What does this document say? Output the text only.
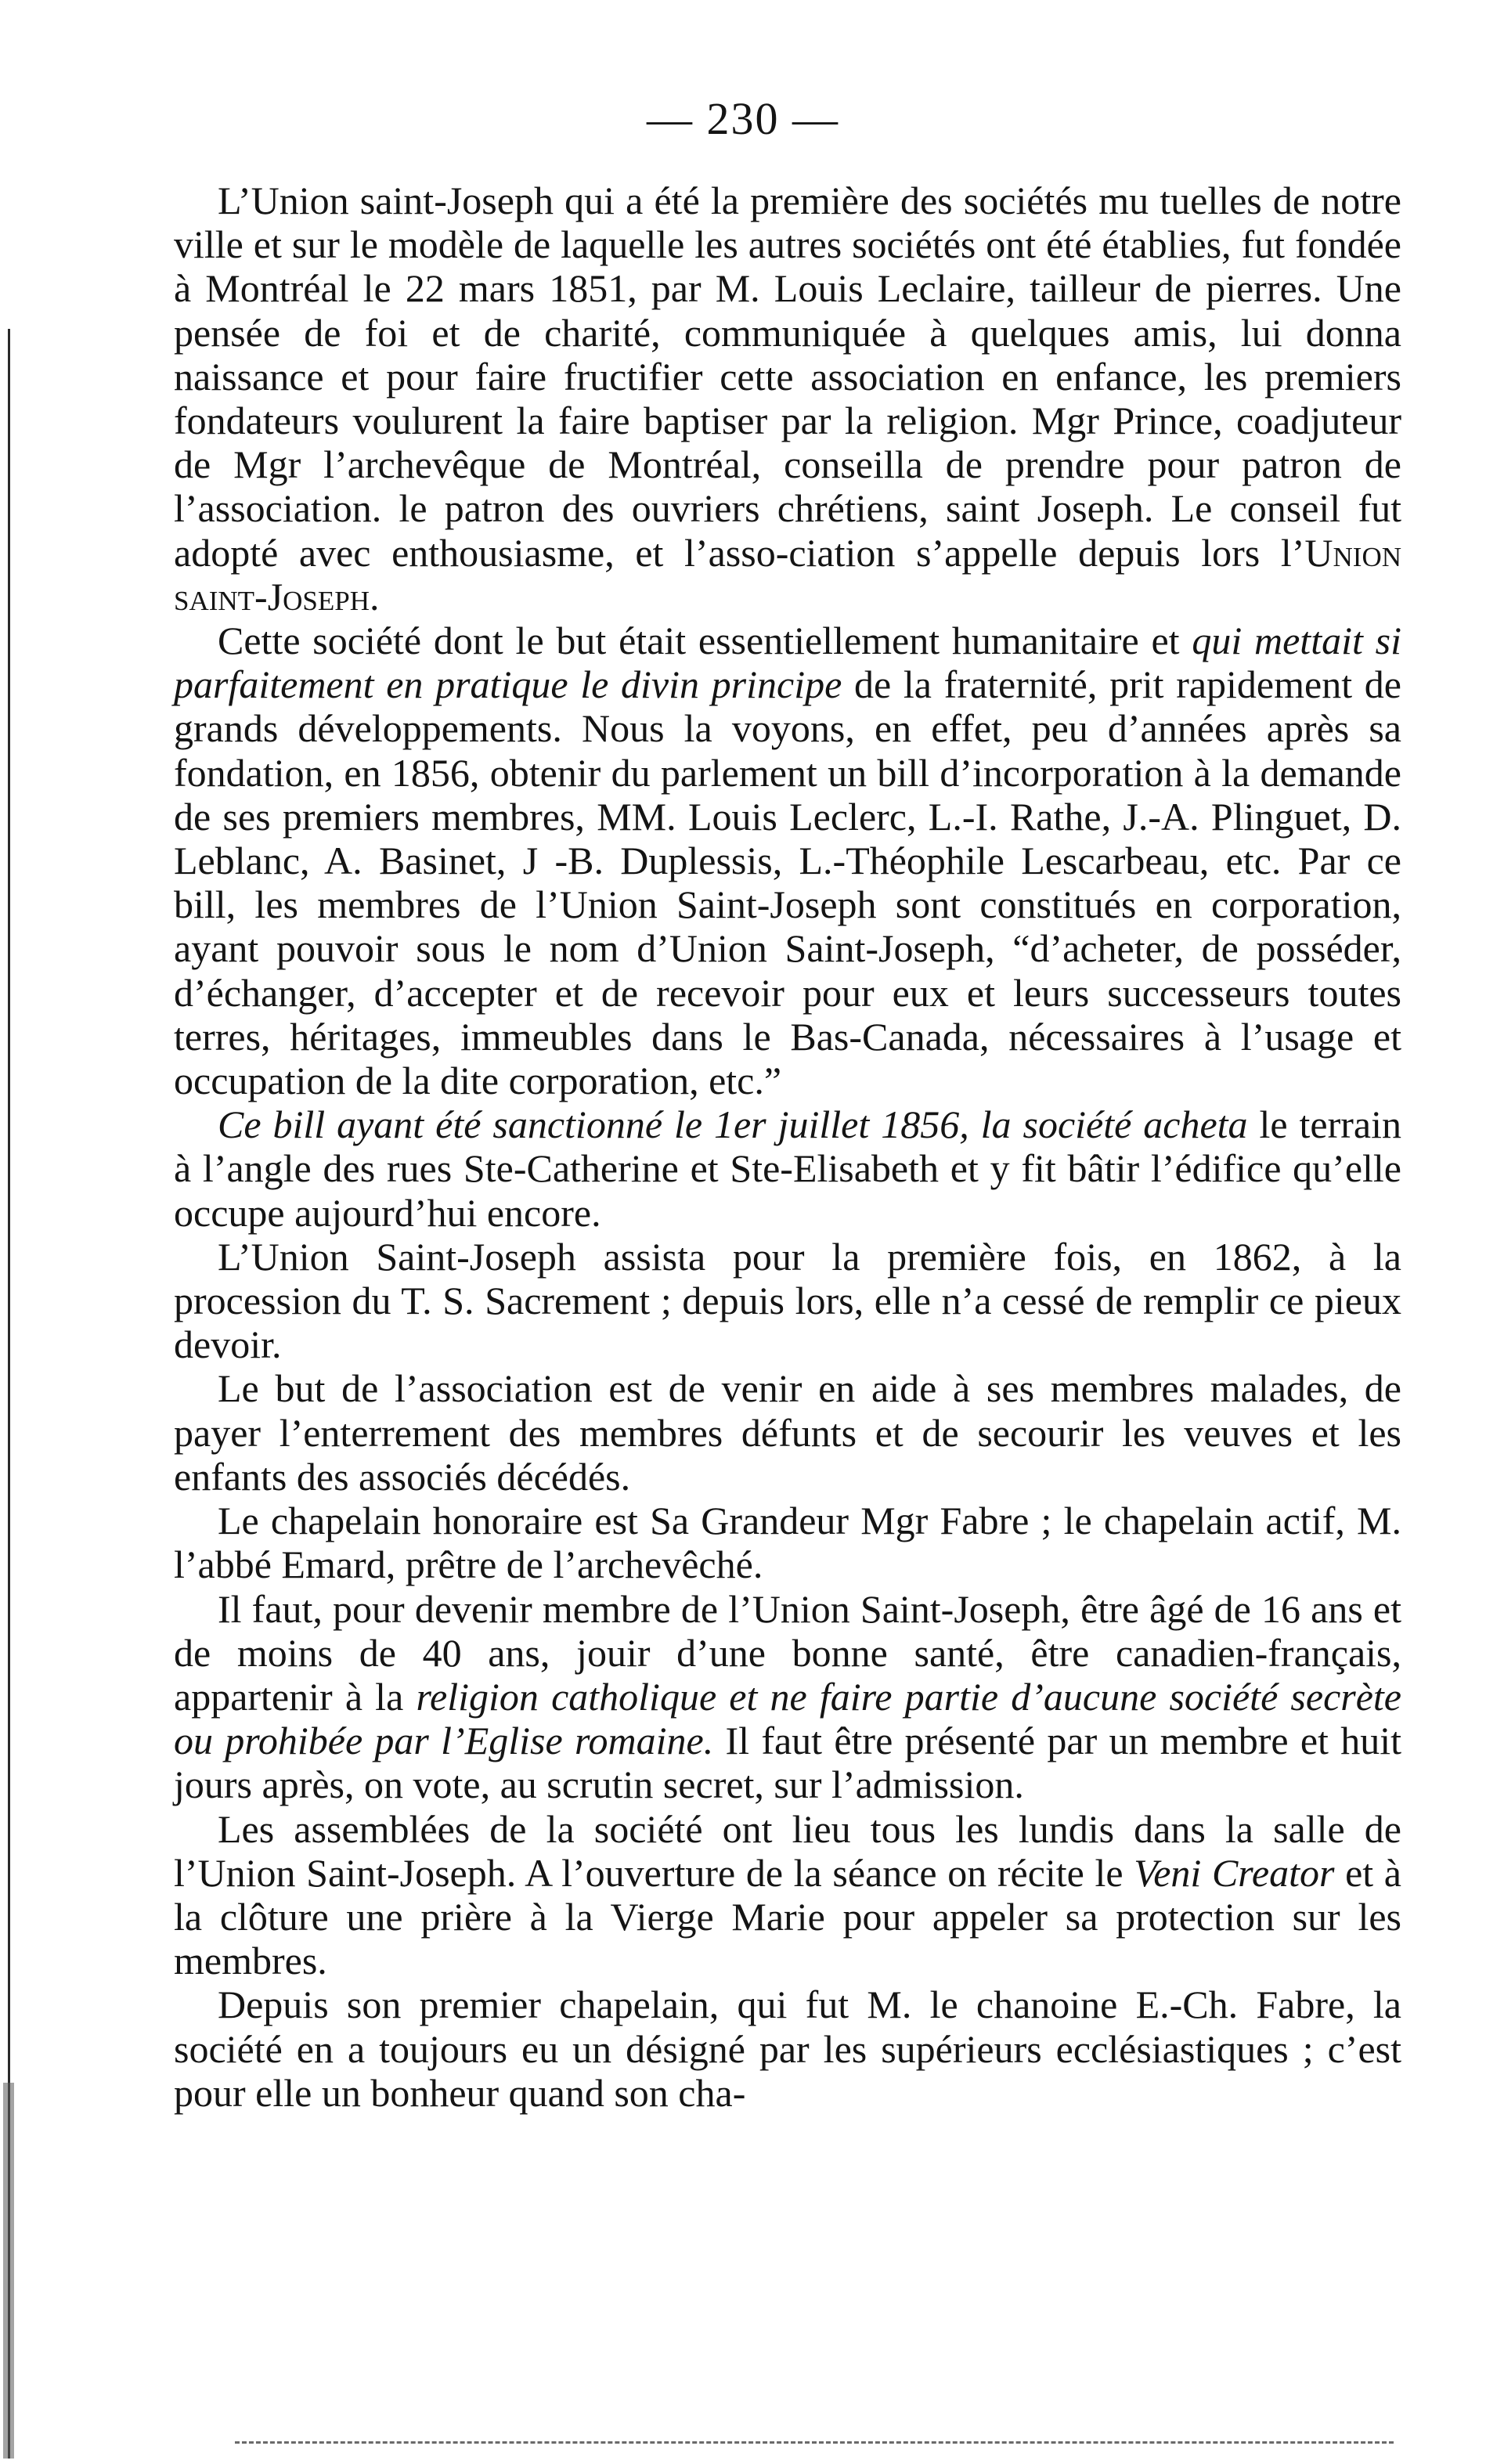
— 230 —

L’Union saint-Joseph qui a été la première des sociétés mu tuelles de notre ville et sur le modèle de laquelle les autres sociétés ont été établies, fut fondée à Montréal le 22 mars 1851, par M. Louis Leclaire, tailleur de pierres. Une pensée de foi et de charité, communiquée à quelques amis, lui donna naissance et pour faire fructifier cette association en enfance, les premiers fondateurs voulurent la faire baptiser par la religion. Mgr Prince, coadjuteur de Mgr l’archevêque de Montréal, conseilla de prendre pour patron de l’association. le patron des ouvriers chrétiens, saint Joseph. Le conseil fut adopté avec enthousiasme, et l’asso-ciation s’appelle depuis lors l’Union saint-Joseph.

Cette société dont le but était essentiellement humanitaire et qui mettait si parfaitement en pratique le divin principe de la fraternité, prit rapidement de grands développements. Nous la voyons, en effet, peu d’années après sa fondation, en 1856, obtenir du parlement un bill d’incorporation à la demande de ses premiers membres, MM. Louis Leclerc, L.-I. Rathe, J.-A. Plinguet, D. Leblanc, A. Basinet, J -B. Duplessis, L.-Théophile Lescarbeau, etc. Par ce bill, les membres de l’Union Saint-Joseph sont constitués en corporation, ayant pouvoir sous le nom d’Union Saint-Joseph, “d’acheter, de posséder, d’échanger, d’accepter et de recevoir pour eux et leurs successeurs toutes terres, héritages, immeubles dans le Bas-Canada, nécessaires à l’usage et occupation de la dite corporation, etc.”

Ce bill ayant été sanctionné le 1er juillet 1856, la société acheta le terrain à l’angle des rues Ste-Catherine et Ste-Elisabeth et y fit bâtir l’édifice qu’elle occupe aujourd’hui encore.

L’Union Saint-Joseph assista pour la première fois, en 1862, à la procession du T. S. Sacrement ; depuis lors, elle n’a cessé de remplir ce pieux devoir.

Le but de l’association est de venir en aide à ses membres malades, de payer l’enterrement des membres défunts et de secourir les veuves et les enfants des associés décédés.

Le chapelain honoraire est Sa Grandeur Mgr Fabre ; le chapelain actif, M. l’abbé Emard, prêtre de l’archevêché.

Il faut, pour devenir membre de l’Union Saint-Joseph, être âgé de 16 ans et de moins de 40 ans, jouir d’une bonne santé, être canadien-français, appartenir à la religion catholique et ne faire partie d’aucune société secrète ou prohibée par l’Eglise romaine. Il faut être présenté par un membre et huit jours après, on vote, au scrutin secret, sur l’admission.

Les assemblées de la société ont lieu tous les lundis dans la salle de l’Union Saint-Joseph. A l’ouverture de la séance on récite le Veni Creator et à la clôture une prière à la Vierge Marie pour appeler sa protection sur les membres.

Depuis son premier chapelain, qui fut M. le chanoine E.-Ch. Fabre, la société en a toujours eu un désigné par les supérieurs ecclésiastiques ; c’est pour elle un bonheur quand son cha-
